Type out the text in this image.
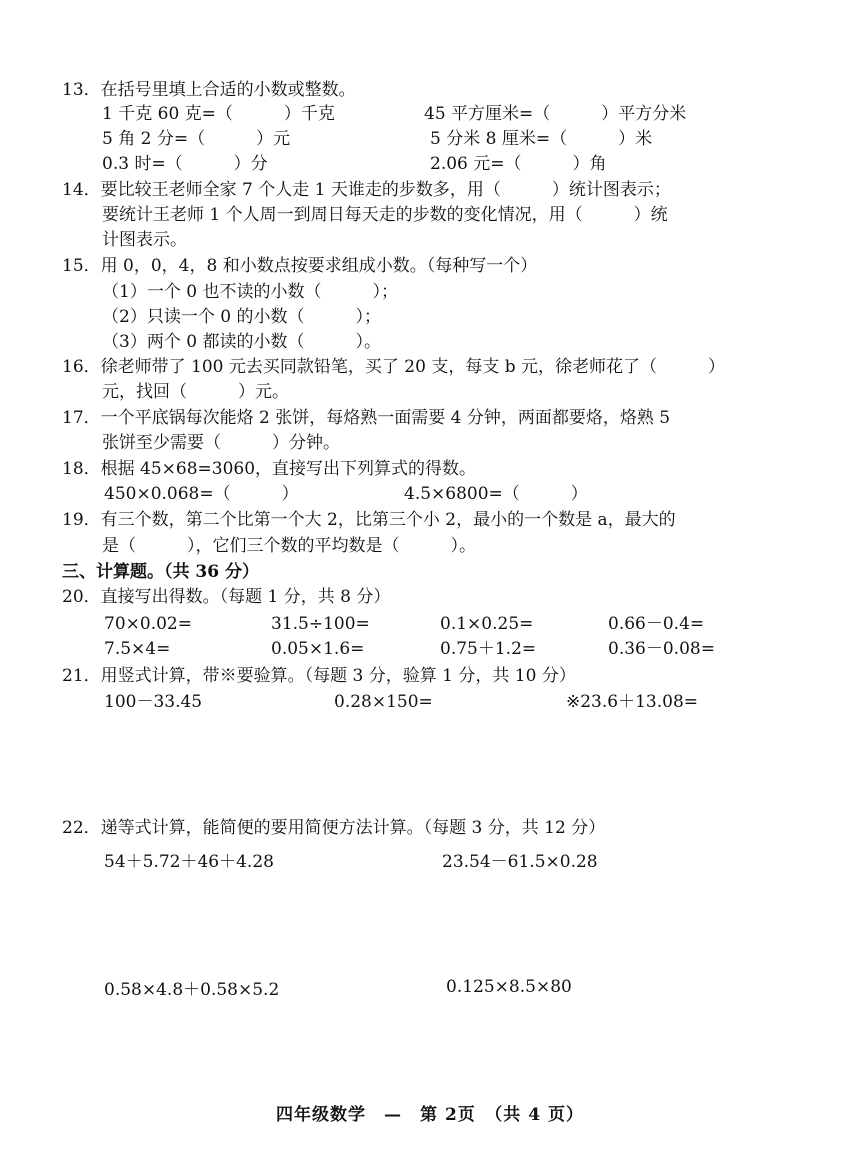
13．在括号里填上合适的小数或整数。
1 千克 60 克=（　　　）千克	45 平方厘米=（　　　）平方分米
5 角 2 分=（　　　）元	5 分米 8 厘米=（　　　）米
0.3 时=（　　　）分	2.06 元=（　　　）角
14．要比较王老师全家 7 个人走 1 天谁走的步数多，用（　　　）统计图表示；
要统计王老师 1 个人周一到周日每天走的步数的变化情况，用（　　　）统
计图表示。
15．用 0，0，4，8 和小数点按要求组成小数。（每种写一个）
（1）一个 0 也不读的小数（　　　）；
（2）只读一个 0 的小数（　　　）；
（3）两个 0 都读的小数（　　　）。
16．徐老师带了 100 元去买同款铅笔，买了 20 支，每支 b 元，徐老师花了（　　　）
元，找回（　　　）元。
17．一个平底锅每次能烙 2 张饼，每烙熟一面需要 4 分钟，两面都要烙，烙熟 5
张饼至少需要（　　　）分钟。
18．根据 45×68=3060，直接写出下列算式的得数。
450×0.068=（　　　）	4.5×6800=（　　　）
19．有三个数，第二个比第一个大 2，比第三个小 2，最小的一个数是 a，最大的
是（　　　），它们三个数的平均数是（　　　）。
三、计算题。（共 36 分）
20．直接写出得数。（每题 1 分，共 8 分）
70×0.02=	31.5÷100=	0.1×0.25=	0.66－0.4=
7.5×4=	0.05×1.6=	0.75＋1.2=	0.36－0.08=
21．用竖式计算，带※要验算。（每题 3 分，验算 1 分，共 10 分）
100－33.45	0.28×150=	※23.6＋13.08=
22．递等式计算，能简便的要用简便方法计算。（每题 3 分，共 12 分）
54＋5.72＋46＋4.28	23.54－61.5×0.28
0.58×4.8＋0.58×5.2	0.125×8.5×80
四年级数学　—　第 2页　（共 4 页）
